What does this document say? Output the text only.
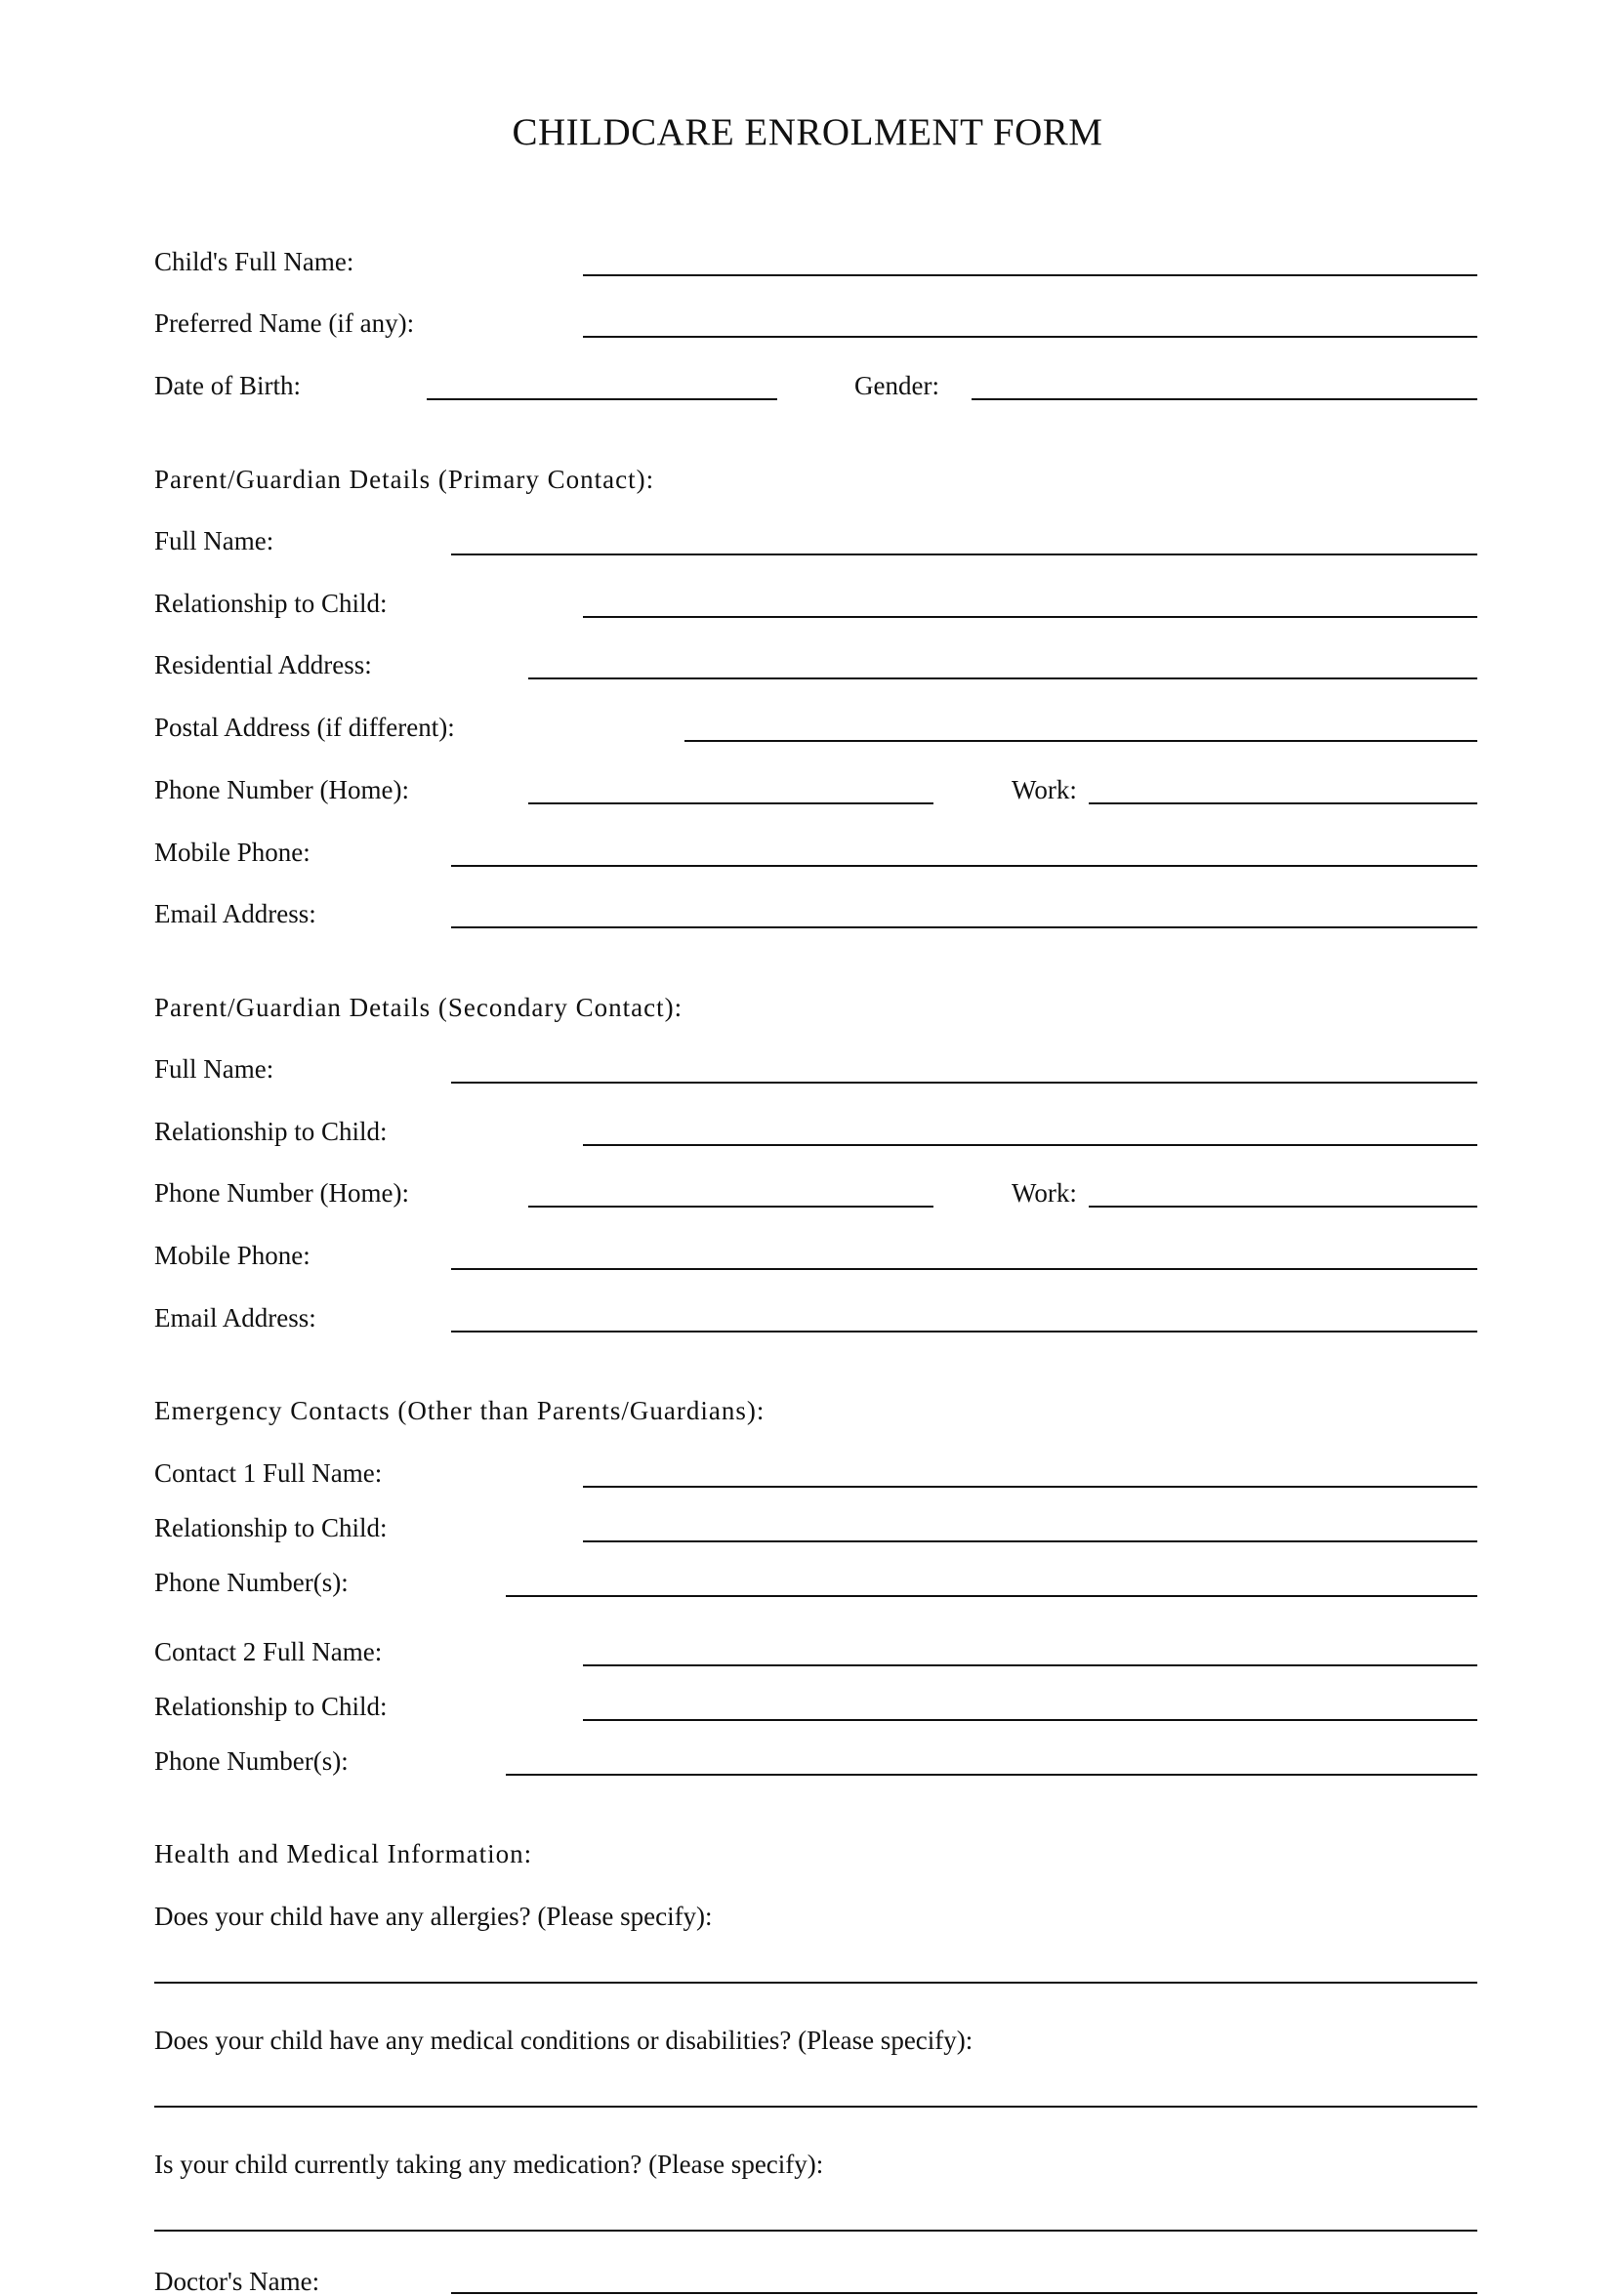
CHILDCARE ENROLMENT FORM
Child's Full Name:
Preferred Name (if any):
Date of Birth:	Gender:
Parent/Guardian Details (Primary Contact):
Full Name:
Relationship to Child:
Residential Address:
Postal Address (if different):
Phone Number (Home):	Work:
Mobile Phone:
Email Address:
Parent/Guardian Details (Secondary Contact):
Full Name:
Relationship to Child:
Phone Number (Home):	Work:
Mobile Phone:
Email Address:
Emergency Contacts (Other than Parents/Guardians):
Contact 1 Full Name:
Relationship to Child:
Phone Number(s):
Contact 2 Full Name:
Relationship to Child:
Phone Number(s):
Health and Medical Information:
Does your child have any allergies? (Please specify):
Does your child have any medical conditions or disabilities? (Please specify):
Is your child currently taking any medication? (Please specify):
Doctor's Name:
